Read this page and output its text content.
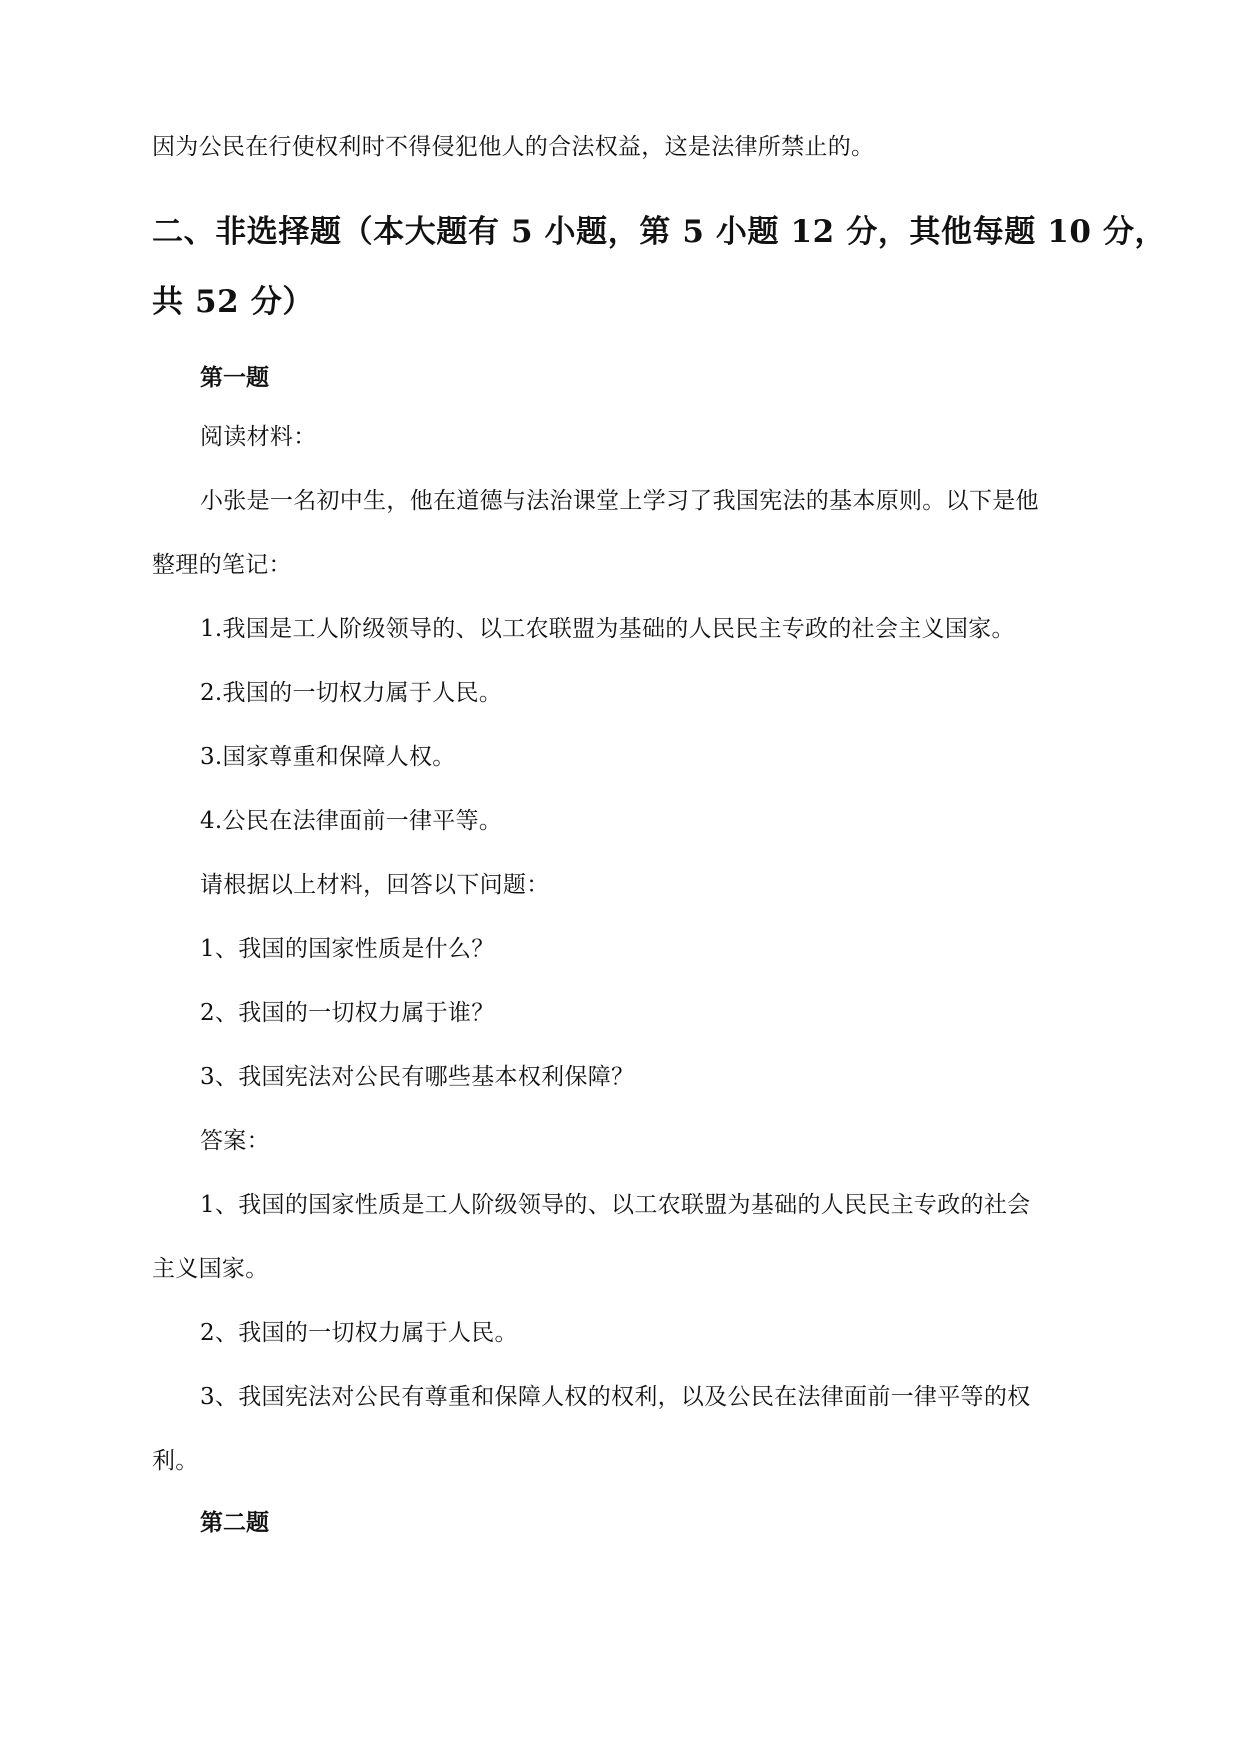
因为公民在行使权利时不得侵犯他人的合法权益，这是法律所禁止的。
二、非选择题（本大题有 5 小题，第 5 小题 12 分，其他每题 10 分，
共 52 分）
第一题
阅读材料：
小张是一名初中生，他在道德与法治课堂上学习了我国宪法的基本原则。以下是他
整理的笔记：
1.我国是工人阶级领导的、以工农联盟为基础的人民民主专政的社会主义国家。
2.我国的一切权力属于人民。
3.国家尊重和保障人权。
4.公民在法律面前一律平等。
请根据以上材料，回答以下问题：
1、我国的国家性质是什么？
2、我国的一切权力属于谁？
3、我国宪法对公民有哪些基本权利保障？
答案：
1、我国的国家性质是工人阶级领导的、以工农联盟为基础的人民民主专政的社会
主义国家。
2、我国的一切权力属于人民。
3、我国宪法对公民有尊重和保障人权的权利，以及公民在法律面前一律平等的权
利。
第二题
